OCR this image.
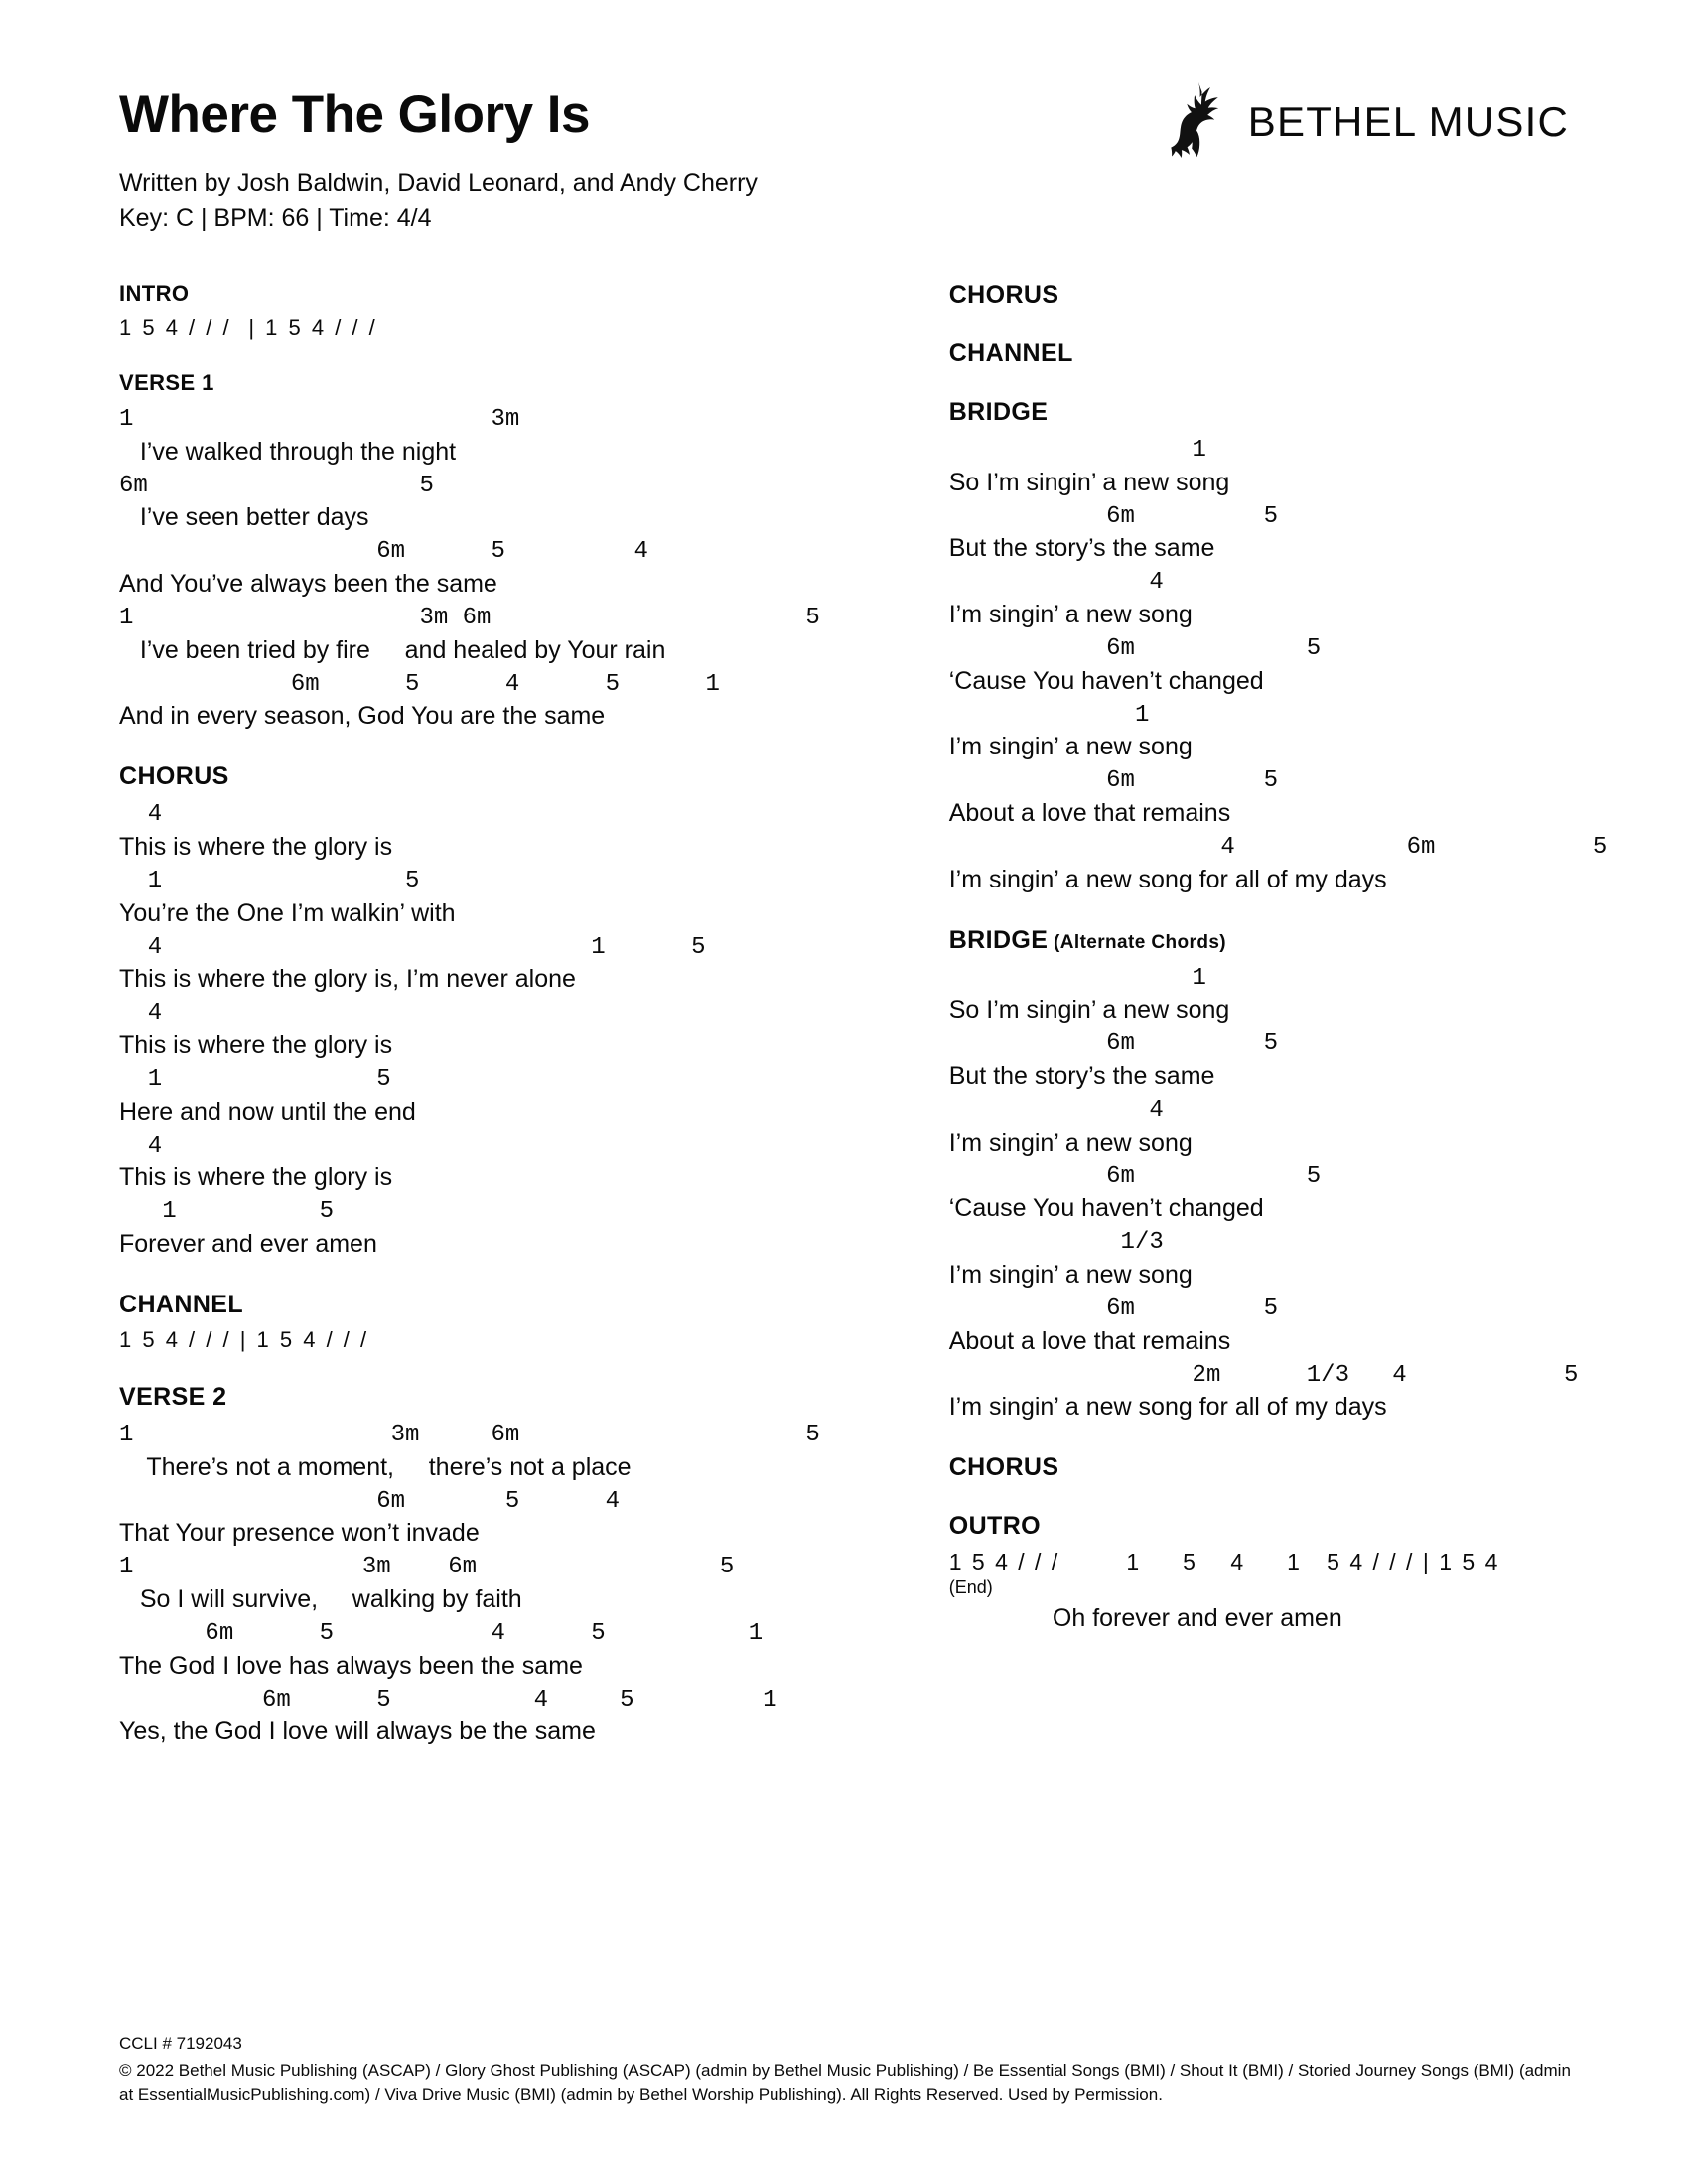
Where The Glory Is
Written by Josh Baldwin, David Leonard, and Andy Cherry
Key: C | BPM: 66 | Time: 4/4
BETHEL MUSIC
INTRO
1 5 4 / / /  | 1 5 4 / / /
VERSE 1
1                         3m
I’ve walked through the night
6m                   5
I’ve seen better days
6m      5         4
And You’ve always been the same
1                    3m 6m                      5
I’ve been tried by fire     and healed by Your rain
6m      5      4      5      1
And in every season, God You are the same
CHORUS
4
This is where the glory is
1                 5
You’re the One I’m walkin’ with
4                              1      5
This is where the glory is, I’m never alone
4
This is where the glory is
1               5
Here and now until the end
4
This is where the glory is
1          5
Forever and ever amen
CHANNEL
1 5 4 / / / | 1 5 4 / / /
VERSE 2
1                  3m     6m                    5
There’s not a moment,     there’s not a place
6m       5      4
That Your presence won’t invade
1                3m    6m                 5
So I will survive,     walking by faith
6m      5           4      5          1
The God I love has always been the same
6m      5          4     5         1
Yes, the God I love will always be the same
CHORUS
CHANNEL
BRIDGE
1
So I’m singin’ a new song
6m         5
But the story’s the same
4
I’m singin’ a new song
6m            5
‘Cause You haven’t changed
1
I’m singin’ a new song
6m         5
About a love that remains
4            6m           5
I’m singin’ a new song for all of my days
BRIDGE (Alternate Chords)
1
So I’m singin’ a new song
6m         5
But the story’s the same
4
I’m singin’ a new song
6m            5
‘Cause You haven’t changed
1/3
I’m singin’ a new song
6m         5
About a love that remains
2m      1/3   4           5
I’m singin’ a new song for all of my days
CHORUS
OUTRO
1 5 4 / / /        1     5    4     1   5 4 / / / | 1 5 4
(End)
Oh forever and ever amen
CCLI # 7192043
© 2022 Bethel Music Publishing (ASCAP) / Glory Ghost Publishing (ASCAP) (admin by Bethel Music Publishing) / Be Essential Songs (BMI) / Shout It (BMI) / Storied Journey Songs (BMI) (admin at EssentialMusicPublishing.com) / Viva Drive Music (BMI) (admin by Bethel Worship Publishing). All Rights Reserved. Used by Permission.
